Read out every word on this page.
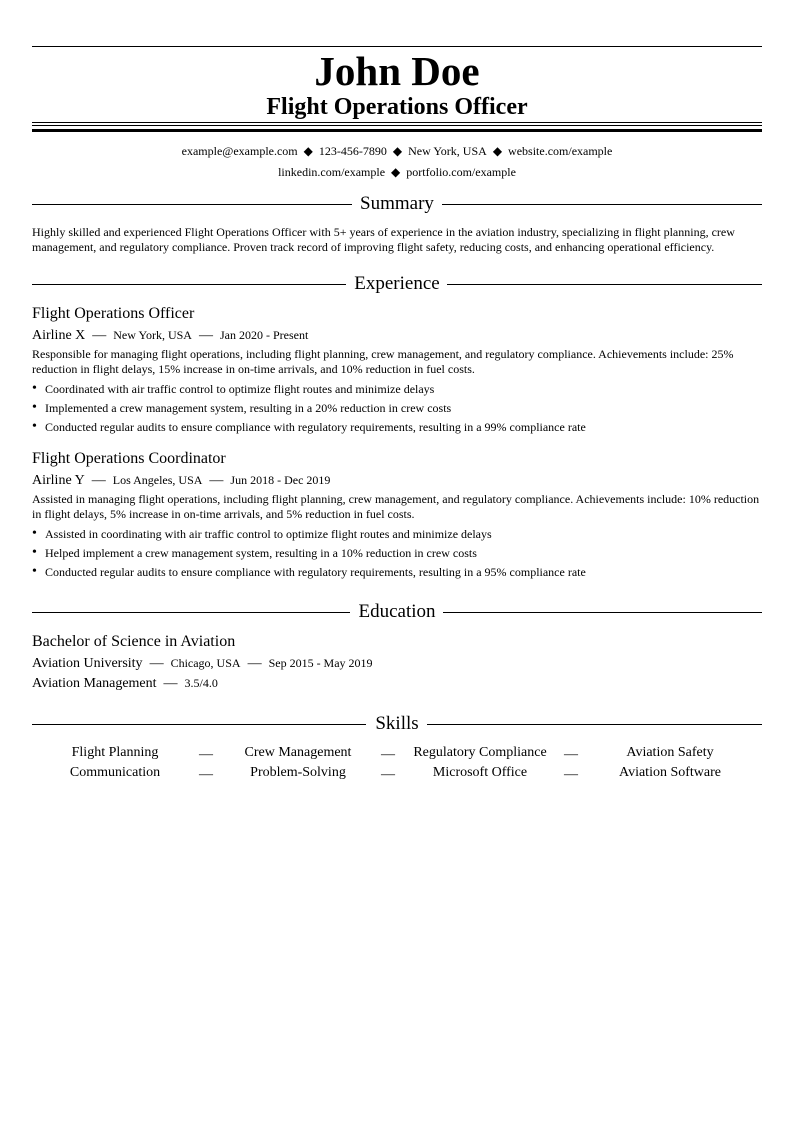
John Doe
Flight Operations Officer
example@example.com ◆ 123-456-7890 ◆ New York, USA ◆ website.com/example
linkedin.com/example ◆ portfolio.com/example
Summary
Highly skilled and experienced Flight Operations Officer with 5+ years of experience in the aviation industry, specializing in flight planning, crew management, and regulatory compliance. Proven track record of improving flight safety, reducing costs, and enhancing operational efficiency.
Experience
Flight Operations Officer
Airline X — New York, USA — Jan 2020 - Present
Responsible for managing flight operations, including flight planning, crew management, and regulatory compliance. Achievements include: 25% reduction in flight delays, 15% increase in on-time arrivals, and 10% reduction in fuel costs.
• Coordinated with air traffic control to optimize flight routes and minimize delays
• Implemented a crew management system, resulting in a 20% reduction in crew costs
• Conducted regular audits to ensure compliance with regulatory requirements, resulting in a 99% compliance rate
Flight Operations Coordinator
Airline Y — Los Angeles, USA — Jun 2018 - Dec 2019
Assisted in managing flight operations, including flight planning, crew management, and regulatory compliance. Achievements include: 10% reduction in flight delays, 5% increase in on-time arrivals, and 5% reduction in fuel costs.
• Assisted in coordinating with air traffic control to optimize flight routes and minimize delays
• Helped implement a crew management system, resulting in a 10% reduction in crew costs
• Conducted regular audits to ensure compliance with regulatory requirements, resulting in a 95% compliance rate
Education
Bachelor of Science in Aviation
Aviation University — Chicago, USA — Sep 2015 - May 2019
Aviation Management — 3.5/4.0
Skills
Flight Planning	—	Crew Management	—	Regulatory Compliance	—	Aviation Safety
Communication	—	Problem-Solving	—	Microsoft Office	—	Aviation Software
